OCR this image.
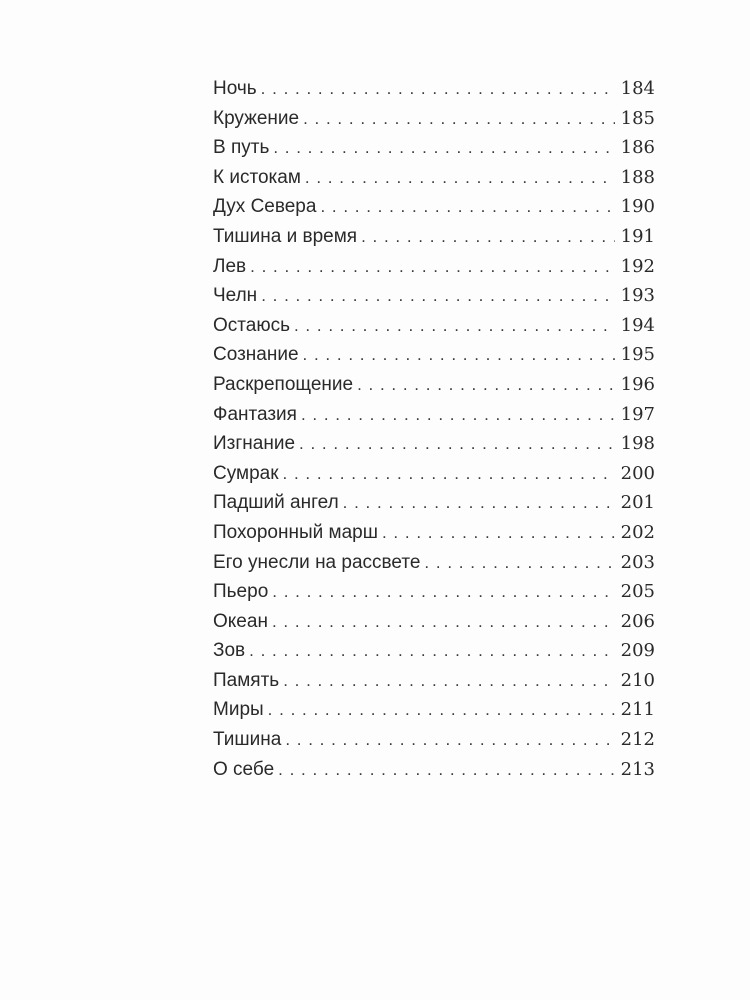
Ночь . . .	184
Кружение . . .	185
В путь . . .	186
К истокам . . .	188
Дух Севера . . .	190
Тишина и время . . .	191
Лев . . .	192
Челн . . .	193
Остаюсь . . .	194
Сознание . . .	195
Раскрепощение . . .	196
Фантазия . . .	197
Изгнание . . .	198
Сумрак . . .	200
Падший ангел . . .	201
Похоронный марш . . .	202
Его унесли на рассвете . . .	203
Пьеро . . .	205
Океан . . .	206
Зов . . .	209
Память . . .	210
Миры . . .	211
Тишина . . .	212
О себе . . .	213
